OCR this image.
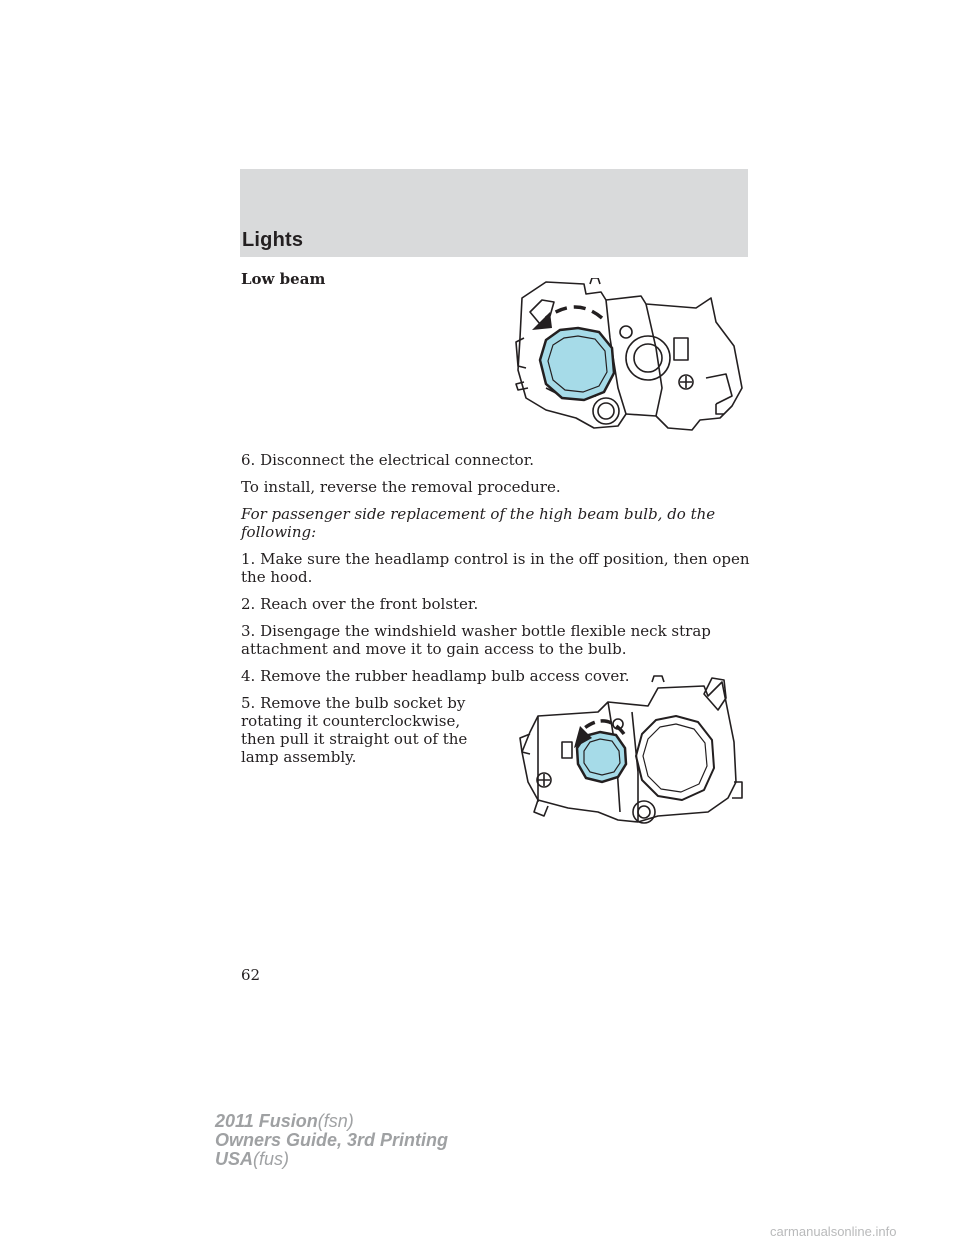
Lights

Low beam

6. Disconnect the electrical connector.

To install, reverse the removal procedure.

For passenger side replacement of the high beam bulb, do the following:

1. Make sure the headlamp control is in the off position, then open the hood.

2. Reach over the front bolster.

3. Disengage the windshield washer bottle flexible neck strap attachment and move it to gain access to the bulb.

4. Remove the rubber headlamp bulb access cover.

5. Remove the bulb socket by rotating it counterclockwise, then pull it straight out of the lamp assembly.

62
2011 Fusion(fsn)
Owners Guide, 3rd Printing
USA(fus)
carmanualsonline.info
